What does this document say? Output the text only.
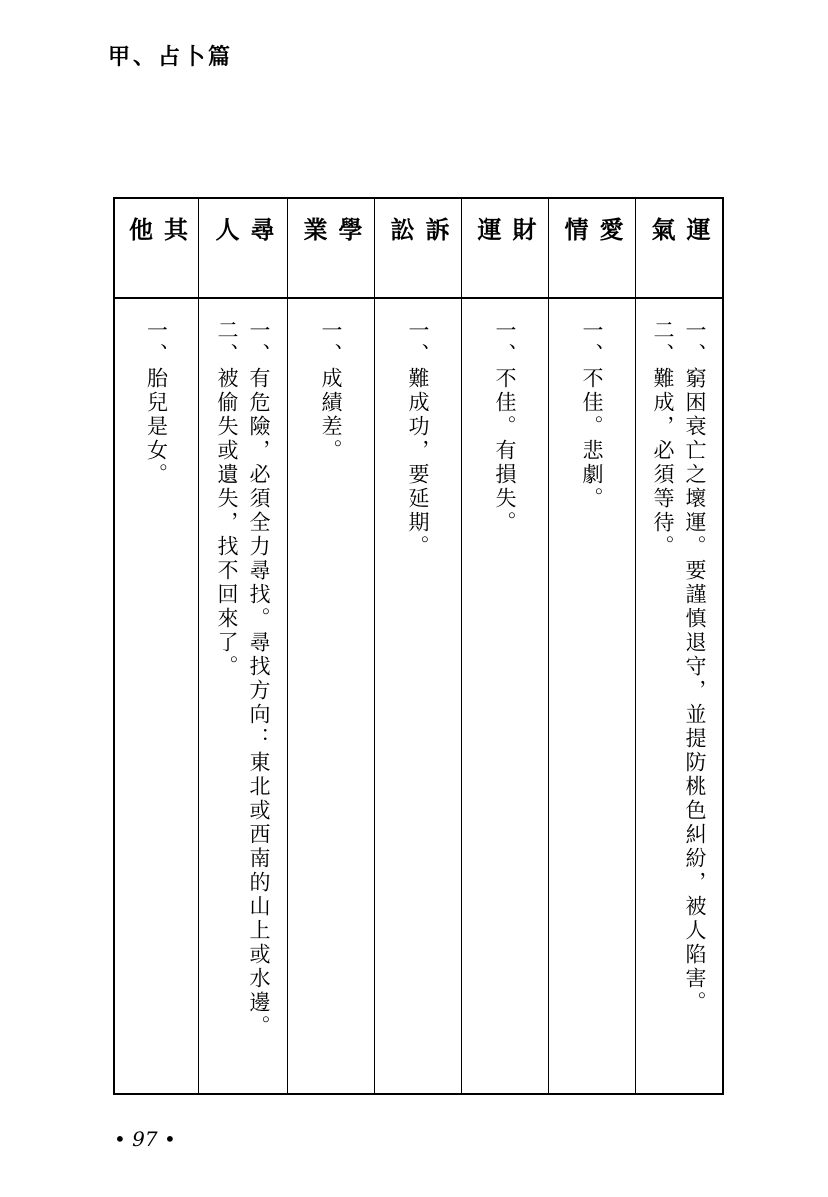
甲、占卜篇
運氣
一、窮困衰亡之壞運。要謹慎退守，並提防桃色糾紛，被人陷害。
二、難成，必須等待。
愛情
一、不佳。悲劇。
財運
一、不佳。有損失。
訴訟
一、難成功，要延期。
學業
一、成績差。
尋人
一、有危險，必須全力尋找。尋找方向：東北或西南的山上或水邊。
二、被偷失或遺失，找不回來了。
其他
一、胎兒是女。
• 97 •
